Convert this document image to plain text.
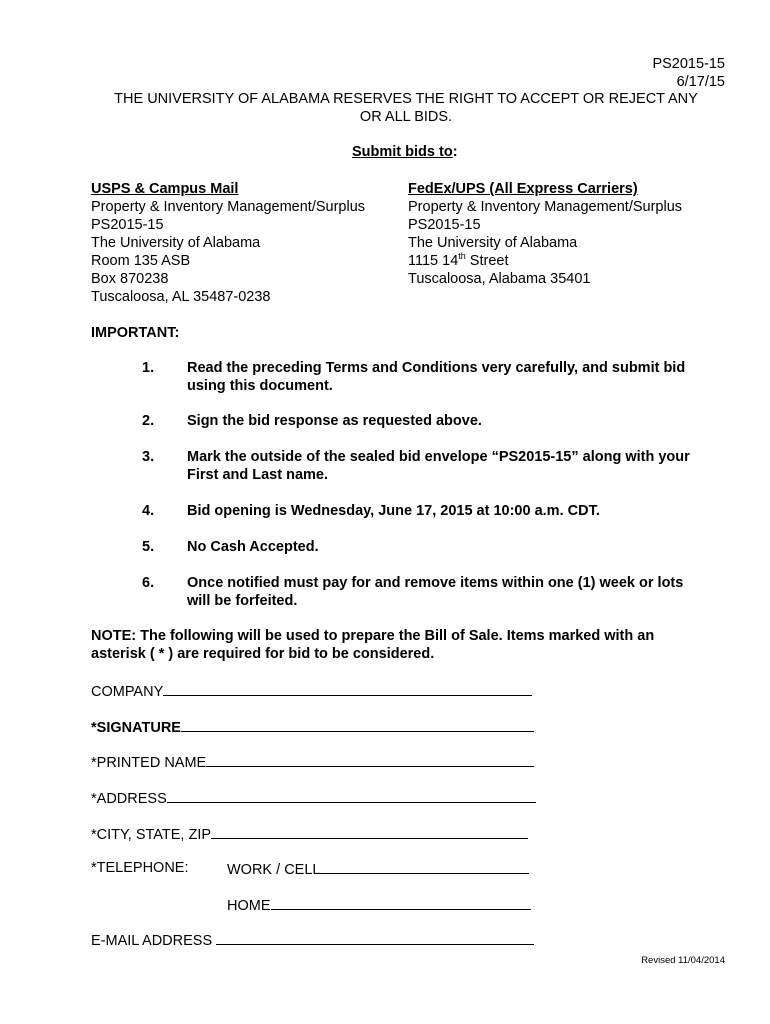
PS2015-15
6/17/15
THE UNIVERSITY OF ALABAMA RESERVES THE RIGHT TO ACCEPT OR REJECT ANY
OR ALL BIDS.
Submit bids to:
USPS & Campus Mail
Property & Inventory Management/Surplus
PS2015-15
The University of Alabama
Room 135 ASB
Box 870238
Tuscaloosa, AL 35487-0238
FedEx/UPS (All Express Carriers)
Property & Inventory Management/Surplus
PS2015-15
The University of Alabama
1115 14th Street
Tuscaloosa, Alabama 35401
IMPORTANT:
1. Read the preceding Terms and Conditions very carefully, and submit bid
using this document.
2. Sign the bid response as requested above.
3. Mark the outside of the sealed bid envelope “PS2015-15” along with your
First and Last name.
4. Bid opening is Wednesday, June 17, 2015 at 10:00 a.m. CDT.
5. No Cash Accepted.
6. Once notified must pay for and remove items within one (1) week or lots
will be forfeited.
NOTE: The following will be used to prepare the Bill of Sale. Items marked with an
asterisk ( * ) are required for bid to be considered.
COMPANY
*SIGNATURE
*PRINTED NAME
*ADDRESS
*CITY, STATE, ZIP
*TELEPHONE:	WORK / CELL
HOME
E-MAIL ADDRESS
Revised 11/04/2014
